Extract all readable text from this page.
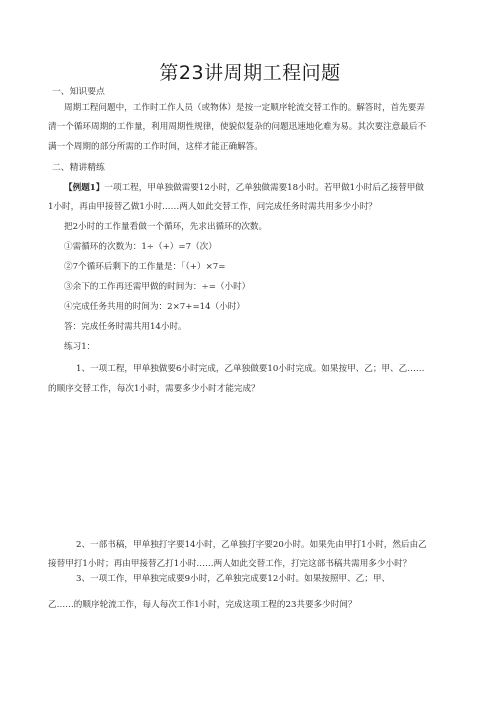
第23讲周期工程问题
一、知识要点
周期工程问题中，工作时工作人员（或物体）是按一定顺序轮流交替工作的。解答时，首先要弄
清一个循环周期的工作量，利用周期性规律，使貌似复杂的问题迅速地化难为易。其次要注意最后不
满一个周期的部分所需的工作时间，这样才能正确解答。
二、精讲精练
【例题1】一项工程，甲单独做需要12小时，乙单独做需要18小时。若甲做1小时后乙接替甲做
1小时，再由甲接替乙做1小时……两人如此交替工作，问完成任务时需共用多少小时？
把2小时的工作量看做一个循环，先求出循环的次数。
①需循环的次数为：1÷（+）=7（次）
②7个循环后剩下的工作量是：「（+）×7=
③余下的工作再还需甲做的时间为：÷=（小时）
④完成任务共用的时间为：2×7+=14（小时）
答：完成任务时需共用14小时。
练习1：
1、一项工程，甲单独做要6小时完成，乙单独做要10小时完成。如果按甲、乙；甲、乙……
的顺序交替工作，每次1小时，需要多少小时才能完成？
2、一部书稿，甲单独打字要14小时，乙单独打字要20小时。如果先由甲打1小时，然后由乙
接替甲打1小时；再由甲接替乙打1小时……两人如此交替工作，打完这部书稿共需用多少小时？
3、一项工作，甲单独完成要9小时，乙单独完成要12小时。如果按照甲、乙；甲、
乙……的顺序轮流工作，每人每次工作1小时，完成这项工程的23共要多少时间？
